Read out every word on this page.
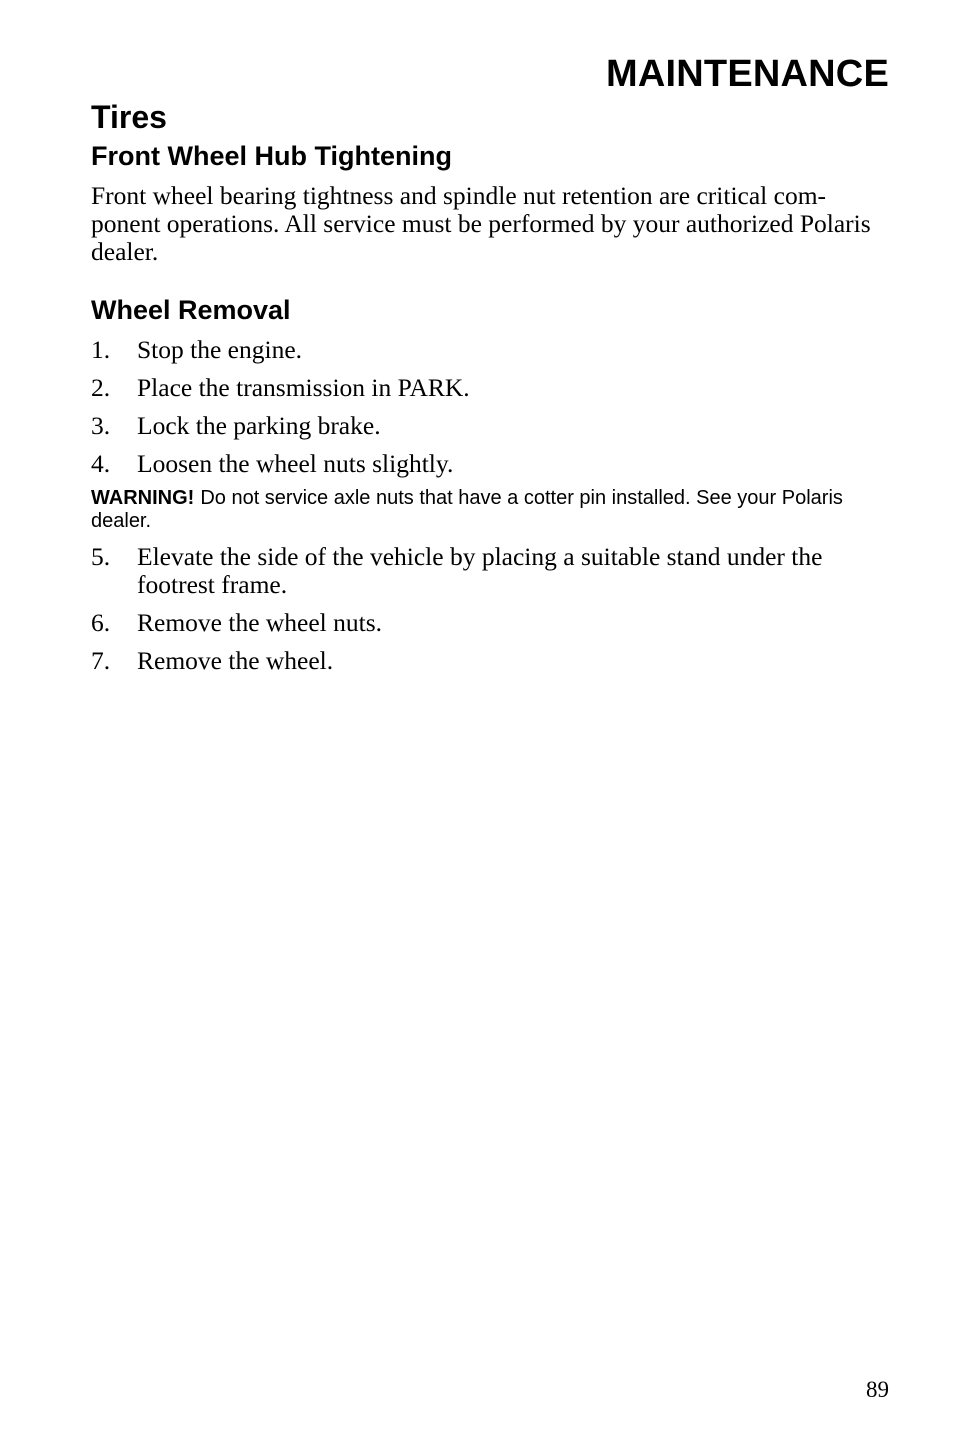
MAINTENANCE
Tires
Front Wheel Hub Tightening

Front wheel bearing tightness and spindle nut retention are critical com-ponent operations. All service must be performed by your authorized Polaris dealer.

Wheel Removal
1.	Stop the engine.
2.	Place the transmission in PARK.
3.	Lock the parking brake.
4.	Loosen the wheel nuts slightly.

WARNING! Do not service axle nuts that have a cotter pin installed. See your Polaris dealer.

5.	Elevate the side of the vehicle by placing a suitable stand under the footrest frame.
6.	Remove the wheel nuts.
7.	Remove the wheel.
89
